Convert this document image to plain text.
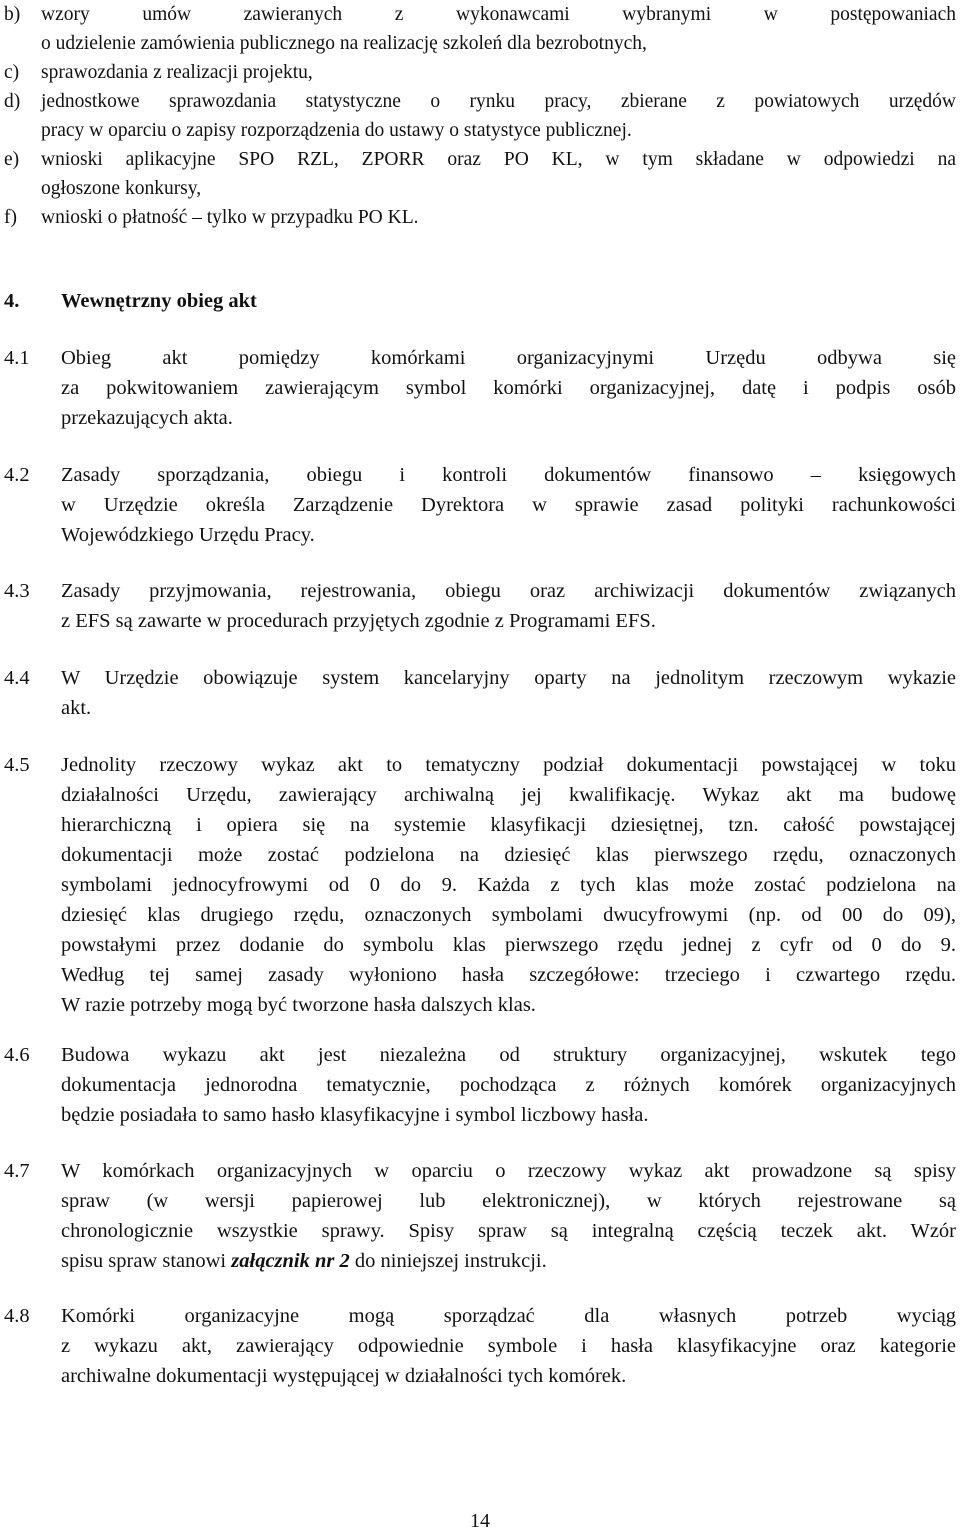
b)	wzory umów zawieranych z wykonawcami wybranymi w postępowaniach
o udzielenie zamówienia publicznego na realizację szkoleń dla bezrobotnych,
c)	sprawozdania z realizacji projektu,
d)	jednostkowe sprawozdania statystyczne o rynku pracy, zbierane z powiatowych urzędów
pracy w oparciu o zapisy rozporządzenia do ustawy o statystyce publicznej.
e)	wnioski aplikacyjne SPO RZL, ZPORR oraz PO KL, w tym składane w odpowiedzi na
ogłoszone konkursy,
f)	wnioski o płatność – tylko w przypadku PO KL.
4. Wewnętrzny obieg akt
4.1	Obieg akt pomiędzy komórkami organizacyjnymi Urzędu odbywa się
za pokwitowaniem zawierającym symbol komórki organizacyjnej, datę i podpis osób
przekazujących akta.
4.2	Zasady sporządzania, obiegu i kontroli dokumentów finansowo – księgowych
w Urzędzie określa Zarządzenie Dyrektora w sprawie zasad polityki rachunkowości
Wojewódzkiego Urzędu Pracy.
4.3	Zasady przyjmowania, rejestrowania, obiegu oraz archiwizacji dokumentów związanych
z EFS są zawarte w procedurach przyjętych zgodnie z Programami EFS.
4.4	W Urzędzie obowiązuje system kancelaryjny oparty na jednolitym rzeczowym wykazie
akt.
4.5	Jednolity rzeczowy wykaz akt to tematyczny podział dokumentacji powstającej w toku
działalności Urzędu, zawierający archiwalną jej kwalifikację. Wykaz akt ma budowę
hierarchiczną i opiera się na systemie klasyfikacji dziesiętnej, tzn. całość powstającej
dokumentacji może zostać podzielona na dziesięć klas pierwszego rzędu, oznaczonych
symbolami jednocyfrowymi od 0 do 9. Każda z tych klas może zostać podzielona na
dziesięć klas drugiego rzędu, oznaczonych symbolami dwucyfrowymi (np. od 00 do 09),
powstałymi przez dodanie do symbolu klas pierwszego rzędu jednej z cyfr od 0 do 9.
Według tej samej zasady wyłoniono hasła szczegółowe: trzeciego i czwartego rzędu.
W razie potrzeby mogą być tworzone hasła dalszych klas.
4.6	Budowa wykazu akt jest niezależna od struktury organizacyjnej, wskutek tego
dokumentacja jednorodna tematycznie, pochodząca z różnych komórek organizacyjnych
będzie posiadała to samo hasło klasyfikacyjne i symbol liczbowy hasła.
4.7	W komórkach organizacyjnych w oparciu o rzeczowy wykaz akt prowadzone są spisy
spraw (w wersji papierowej lub elektronicznej), w których rejestrowane są
chronologicznie wszystkie sprawy. Spisy spraw są integralną częścią teczek akt. Wzór
spisu spraw stanowi załącznik nr 2 do niniejszej instrukcji.
4.8	Komórki organizacyjne mogą sporządzać dla własnych potrzeb wyciąg
z wykazu akt, zawierający odpowiednie symbole i hasła klasyfikacyjne oraz kategorie
archiwalne dokumentacji występującej w działalności tych komórek.
14
